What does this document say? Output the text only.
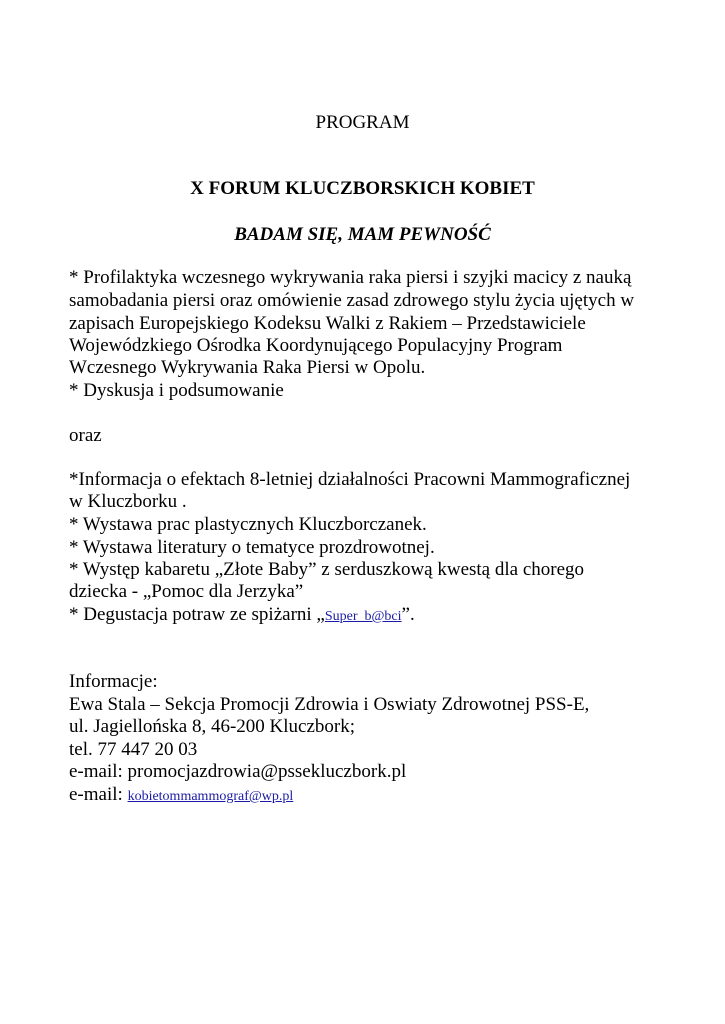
PROGRAM
X FORUM KLUCZBORSKICH KOBIET
BADAM SIĘ, MAM PEWNOŚĆ
* Profilaktyka wczesnego wykrywania raka piersi i szyjki macicy z nauką
samobadania piersi oraz omówienie zasad zdrowego stylu życia ujętych w
zapisach Europejskiego Kodeksu Walki z Rakiem – Przedstawiciele
Wojewódzkiego Ośrodka Koordynującego Populacyjny Program
Wczesnego Wykrywania Raka Piersi w Opolu.
* Dyskusja i podsumowanie
oraz
*Informacja o efektach 8-letniej działalności Pracowni Mammograficznej
w Kluczborku .
* Wystawa prac plastycznych Kluczborczanek.
* Wystawa literatury o tematyce prozdrowotnej.
* Występ kabaretu „Złote Baby” z serduszkową kwestą dla chorego
dziecka - „Pomoc dla Jerzyka”
* Degustacja potraw ze spiżarni „Super_b@bci”.
Informacje:
Ewa Stala – Sekcja Promocji Zdrowia i Oswiaty Zdrowotnej PSS-E,
ul. Jagiellońska 8, 46-200 Kluczbork;
tel. 77 447 20 03
e-mail: promocjazdrowia@pssekluczbork.pl
e-mail: kobietommammograf@wp.pl
